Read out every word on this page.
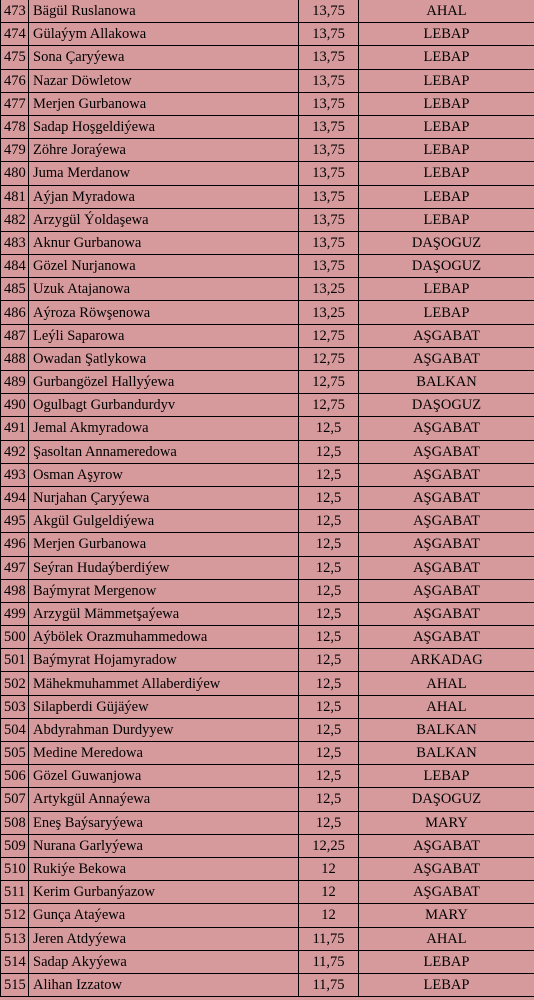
473	Bägül Ruslanowa	13,75	AHAL
474	Gülaýym Allakowa	13,75	LEBAP
475	Sona Çaryýewa	13,75	LEBAP
476	Nazar Döwletow	13,75	LEBAP
477	Merjen Gurbanowa	13,75	LEBAP
478	Sadap Hoşgeldiýewa	13,75	LEBAP
479	Zöhre Joraýewa	13,75	LEBAP
480	Juma Merdanow	13,75	LEBAP
481	Aýjan Myradowa	13,75	LEBAP
482	Arzygül Ýoldaşewa	13,75	LEBAP
483	Aknur Gurbanowa	13,75	DAŞOGUZ
484	Gözel Nurjanowa	13,75	DAŞOGUZ
485	Uzuk Atajanowa	13,25	LEBAP
486	Aýroza Röwşenowa	13,25	LEBAP
487	Leýli Saparowa	12,75	AŞGABAT
488	Owadan Şatlykowa	12,75	AŞGABAT
489	Gurbangözel Hallyýewa	12,75	BALKAN
490	Ogulbagt Gurbandurdyv	12,75	DAŞOGUZ
491	Jemal Akmyradowa	12,5	AŞGABAT
492	Şasoltan Annameredowa	12,5	AŞGABAT
493	Osman Aşyrow	12,5	AŞGABAT
494	Nurjahan Çaryýewa	12,5	AŞGABAT
495	Akgül Gulgeldiýewa	12,5	AŞGABAT
496	Merjen Gurbanowa	12,5	AŞGABAT
497	Seýran Hudaýberdiýew	12,5	AŞGABAT
498	Baýmyrat Mergenow	12,5	AŞGABAT
499	Arzygül Mämmetşaýewa	12,5	AŞGABAT
500	Aýbölek Orazmuhammedowa	12,5	AŞGABAT
501	Baýmyrat Hojamyradow	12,5	ARKADAG
502	Mähekmuhammet Allaberdiýew	12,5	AHAL
503	Silapberdi Güjäýew	12,5	AHAL
504	Abdyrahman Durdyyew	12,5	BALKAN
505	Medine Meredowa	12,5	BALKAN
506	Gözel Guwanjowa	12,5	LEBAP
507	Artykgül Annaýewa	12,5	DAŞOGUZ
508	Eneş Baýsaryýewa	12,5	MARY
509	Nurana Garlyýewa	12,25	AŞGABAT
510	Rukiýe Bekowa	12	AŞGABAT
511	Kerim Gurbanýazow	12	AŞGABAT
512	Gunça Ataýewa	12	MARY
513	Jeren Atdyýewa	11,75	AHAL
514	Sadap Akyýewa	11,75	LEBAP
515	Alihan Izzatow	11,75	LEBAP
